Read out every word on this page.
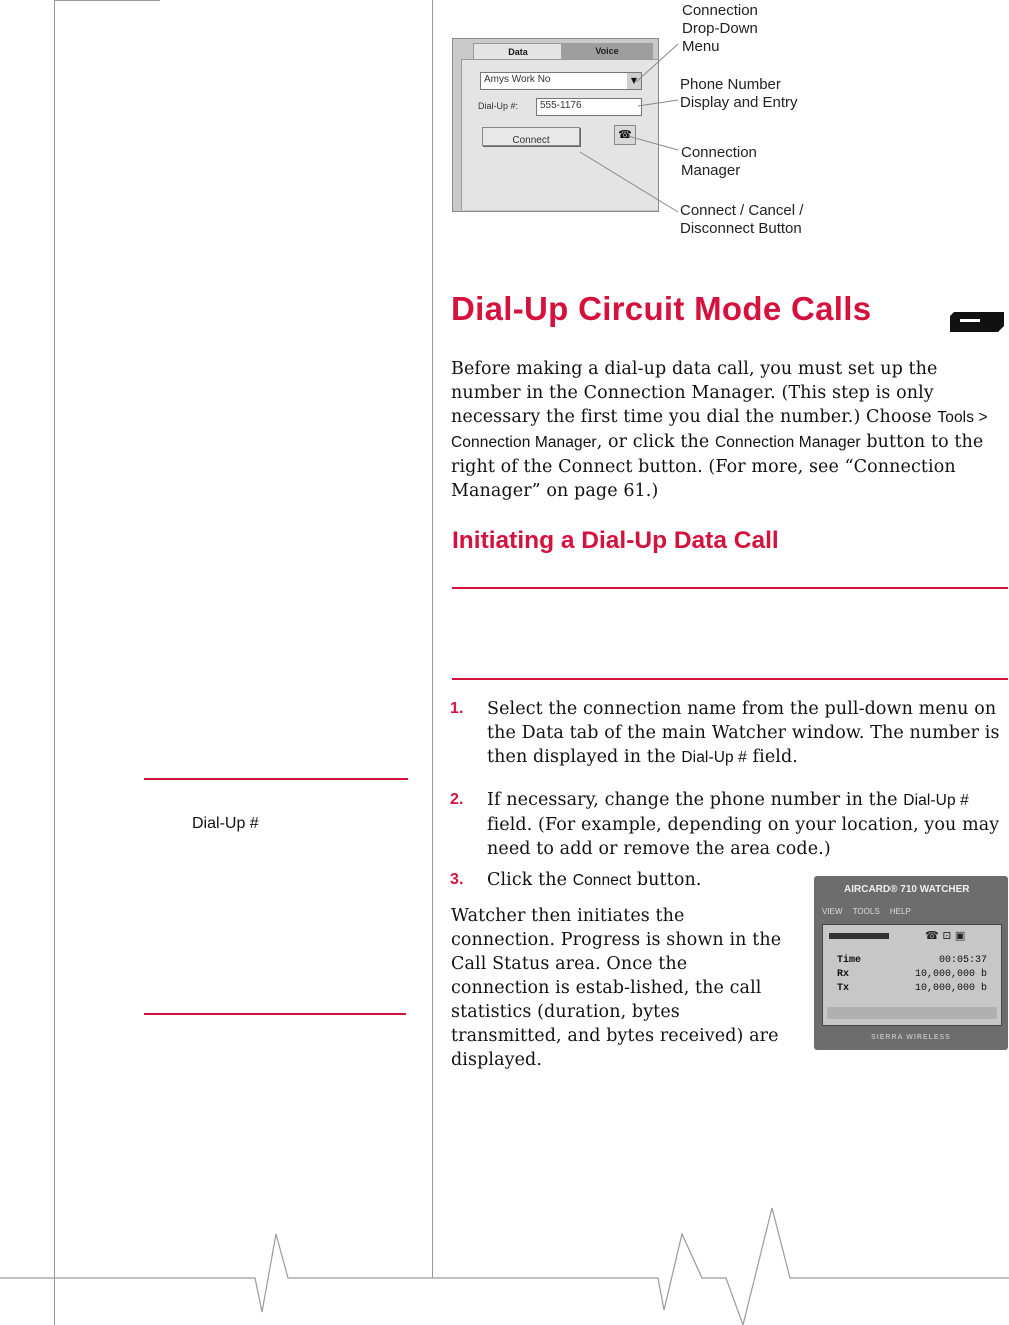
Data	Voice
Amys Work No	▼
Dial-Up #: 555-1176
Connect	☎
Connection
Drop-Down
Menu
Phone Number
Display and Entry
Connection
Manager
Connect / Cancel /
Disconnect Button
Dial-Up Circuit Mode Calls
Before making a dial-up data call, you must set up the number in the Connection Manager. (This step is only necessary the first time you dial the number.) Choose Tools > Connection Manager, or click the Connection Manager button to the right of the Connect button. (For more, see “Connection Manager” on page 61.)
Initiating a Dial-Up Data Call
1. Select the connection name from the pull-down menu on the Data tab of the main Watcher window. The number is then displayed in the Dial-Up # field.
2. If necessary, change the phone number in the Dial-Up # field. (For example, depending on your location, you may need to add or remove the area code.)
3. Click the Connect button.
Watcher then initiates the connection. Progress is shown in the Call Status area. Once the connection is estab-lished, the call statistics (duration, bytes transmitted, and bytes received) are displayed.
Dial-Up #
AIRCARD® 710 WATCHER
VIEW TOOLS HELP
☎ ⊡ ▣
Time	00:05:37
Rx	10,000,000 b
Tx	10,000,000 b
SIERRA WIRELESS
